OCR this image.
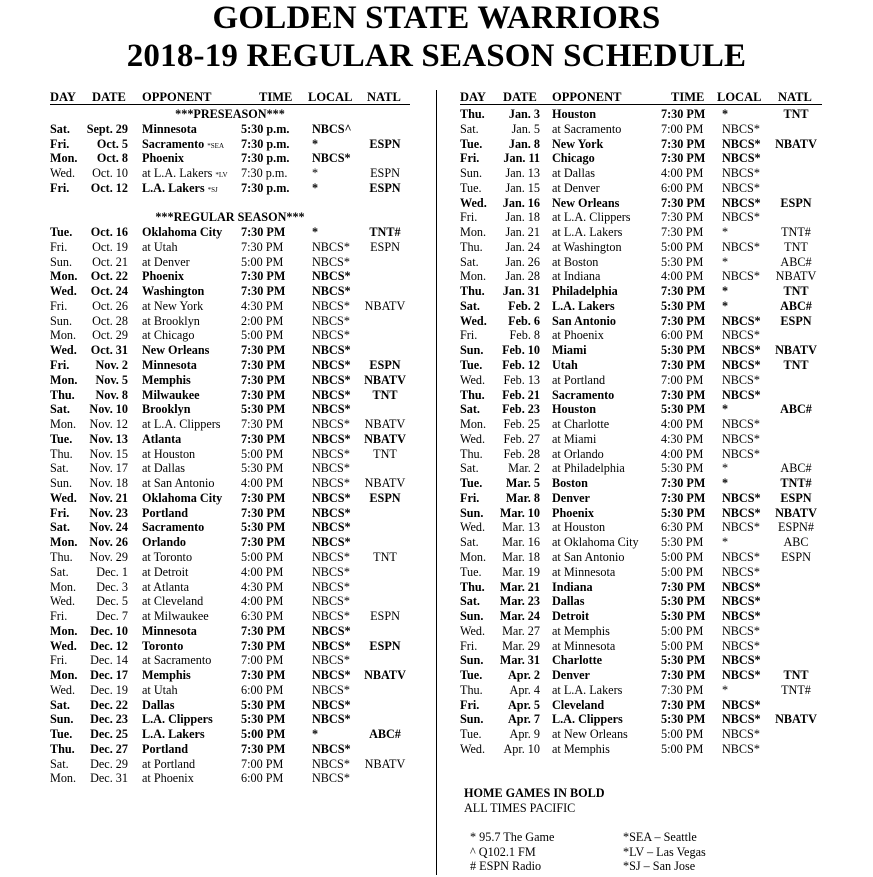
GOLDEN STATE WARRIORS
2018-19 REGULAR SEASON SCHEDULE
DAY DATE OPPONENT	TIME LOCAL NATL
***PRESEASON***
Sat.	Sept. 29 Minnesota	5:30 p.m. NBCS^
Fri.	Oct. 5 Sacramento *SEA 7:30 p.m. *	ESPN
Mon.	Oct. 8 Phoenix	7:30 p.m. NBCS*
Wed.	Oct. 10 at L.A. Lakers *LV 7:30 p.m. *	ESPN
Fri.	Oct. 12 L.A. Lakers *SJ 7:30 p.m. *	ESPN
***REGULAR SEASON***
Tue.	Oct. 16 Oklahoma City 7:30 PM *	TNT#
Fri.	Oct. 19 at Utah	7:30 PM NBCS*	ESPN
Sun.	Oct. 21 at Denver	5:00 PM NBCS*
Mon.	Oct. 22 Phoenix	7:30 PM NBCS*
Wed.	Oct. 24 Washington	7:30 PM NBCS*
Fri.	Oct. 26 at New York	4:30 PM NBCS*	NBATV
Sun.	Oct. 28 at Brooklyn	2:00 PM NBCS*
Mon.	Oct. 29 at Chicago	5:00 PM NBCS*
Wed.	Oct. 31 New Orleans	7:30 PM NBCS*
Fri.	Nov. 2 Minnesota	7:30 PM NBCS*	ESPN
Mon.	Nov. 5 Memphis	7:30 PM NBCS*	NBATV
Thu.	Nov. 8 Milwaukee	7:30 PM NBCS*	TNT
Sat.	Nov. 10 Brooklyn	5:30 PM NBCS*
Mon.	Nov. 12 at L.A. Clippers 7:30 PM NBCS*	NBATV
Tue.	Nov. 13 Atlanta	7:30 PM NBCS*	NBATV
Thu.	Nov. 15 at Houston	5:00 PM NBCS*	TNT
Sat.	Nov. 17 at Dallas	5:30 PM NBCS*
Sun.	Nov. 18 at San Antonio 4:00 PM NBCS*	NBATV
Wed.	Nov. 21 Oklahoma City 7:30 PM NBCS*	ESPN
Fri.	Nov. 23 Portland	7:30 PM NBCS*
Sat.	Nov. 24 Sacramento	5:30 PM NBCS*
Mon. Nov. 26 Orlando	7:30 PM NBCS*
Thu.	Nov. 29 at Toronto	5:00 PM NBCS*	TNT
Sat.	Dec. 1 at Detroit	4:00 PM NBCS*
Mon.	Dec. 3 at Atlanta	4:30 PM NBCS*
Wed.	Dec. 5 at Cleveland	4:00 PM NBCS*
Fri.	Dec. 7 at Milwaukee	6:30 PM NBCS*	ESPN
Mon.	Dec. 10 Minnesota	7:30 PM NBCS*
Wed.	Dec. 12 Toronto	7:30 PM NBCS*	ESPN
Fri.	Dec. 14 at Sacramento 7:00 PM NBCS*
Mon.	Dec. 17 Memphis	7:30 PM NBCS*	NBATV
Wed.	Dec. 19 at Utah	6:00 PM NBCS*
Sat.	Dec. 22 Dallas	5:30 PM NBCS*
Sun.	Dec. 23 L.A. Clippers 5:30 PM NBCS*
Tue.	Dec. 25 L.A. Lakers	5:00 PM *	ABC#
Thu.	Dec. 27 Portland	7:30 PM NBCS*
Sat.	Dec. 29 at Portland	7:00 PM NBCS*	NBATV
Mon.	Dec. 31 at Phoenix	6:00 PM NBCS*
DAY DATE OPPONENT	TIME LOCAL NATL
Thu.	Jan. 3 Houston	7:30 PM *	TNT
Sat.	Jan. 5 at Sacramento	7:00 PM NBCS*
Tue.	Jan. 8 New York	7:30 PM NBCS*	NBATV
Fri.	Jan. 11 Chicago	7:30 PM NBCS*
Sun.	Jan. 13 at Dallas	4:00 PM NBCS*
Tue.	Jan. 15 at Denver	6:00 PM NBCS*
Wed.	Jan. 16 New Orleans	7:30 PM NBCS*	ESPN
Fri.	Jan. 18 at L.A. Clippers 7:30 PM NBCS*
Mon.	Jan. 21 at L.A. Lakers	7:30 PM *	TNT#
Thu.	Jan. 24 at Washington	5:00 PM NBCS*	TNT
Sat.	Jan. 26 at Boston	5:30 PM *	ABC#
Mon.	Jan. 28 at Indiana	4:00 PM NBCS*	NBATV
Thu.	Jan. 31 Philadelphia	7:30 PM *	TNT
Sat.	Feb. 2 L.A. Lakers	5:30 PM *	ABC#
Wed.	Feb. 6 San Antonio	7:30 PM NBCS*	ESPN
Fri.	Feb. 8 at Phoenix	6:00 PM NBCS*
Sun.	Feb. 10 Miami	5:30 PM NBCS*	NBATV
Tue.	Feb. 12 Utah	7:30 PM NBCS*	TNT
Wed.	Feb. 13 at Portland	7:00 PM NBCS*
Thu.	Feb. 21 Sacramento	7:30 PM NBCS*
Sat.	Feb. 23 Houston	5:30 PM *	ABC#
Mon.	Feb. 25 at Charlotte	4:00 PM NBCS*
Wed.	Feb. 27 at Miami	4:30 PM NBCS*
Thu.	Feb. 28 at Orlando	4:00 PM NBCS*
Sat.	Mar. 2 at Philadelphia	5:30 PM *	ABC#
Tue.	Mar. 5 Boston	7:30 PM *	TNT#
Fri.	Mar. 8 Denver	7:30 PM NBCS*	ESPN
Sun.	Mar. 10 Phoenix	5:30 PM NBCS*	NBATV
Wed.	Mar. 13 at Houston	6:30 PM NBCS*	ESPN#
Sat.	Mar. 16 at Oklahoma City 5:30 PM *	ABC
Mon.	Mar. 18 at San Antonio	5:00 PM NBCS*	ESPN
Tue.	Mar. 19 at Minnesota	5:00 PM NBCS*
Thu.	Mar. 21 Indiana	7:30 PM NBCS*
Sat.	Mar. 23 Dallas	5:30 PM NBCS*
Sun.	Mar. 24 Detroit	5:30 PM NBCS*
Wed.	Mar. 27 at Memphis	5:00 PM NBCS*
Fri.	Mar. 29 at Minnesota	5:00 PM NBCS*
Sun.	Mar. 31 Charlotte	5:30 PM NBCS*
Tue.	Apr. 2 Denver	7:30 PM NBCS*	TNT
Thu.	Apr. 4 at L.A. Lakers	7:30 PM *	TNT#
Fri.	Apr. 5 Cleveland	7:30 PM NBCS*
Sun.	Apr. 7 L.A. Clippers	5:30 PM NBCS*	NBATV
Tue.	Apr. 9 at New Orleans	5:00 PM NBCS*
Wed.	Apr. 10 at Memphis	5:00 PM NBCS*
HOME GAMES IN BOLD
ALL TIMES PACIFIC
* 95.7 The Game
^ Q102.1 FM
# ESPN Radio
*SEA – Seattle
*LV – Las Vegas
*SJ – San Jose
